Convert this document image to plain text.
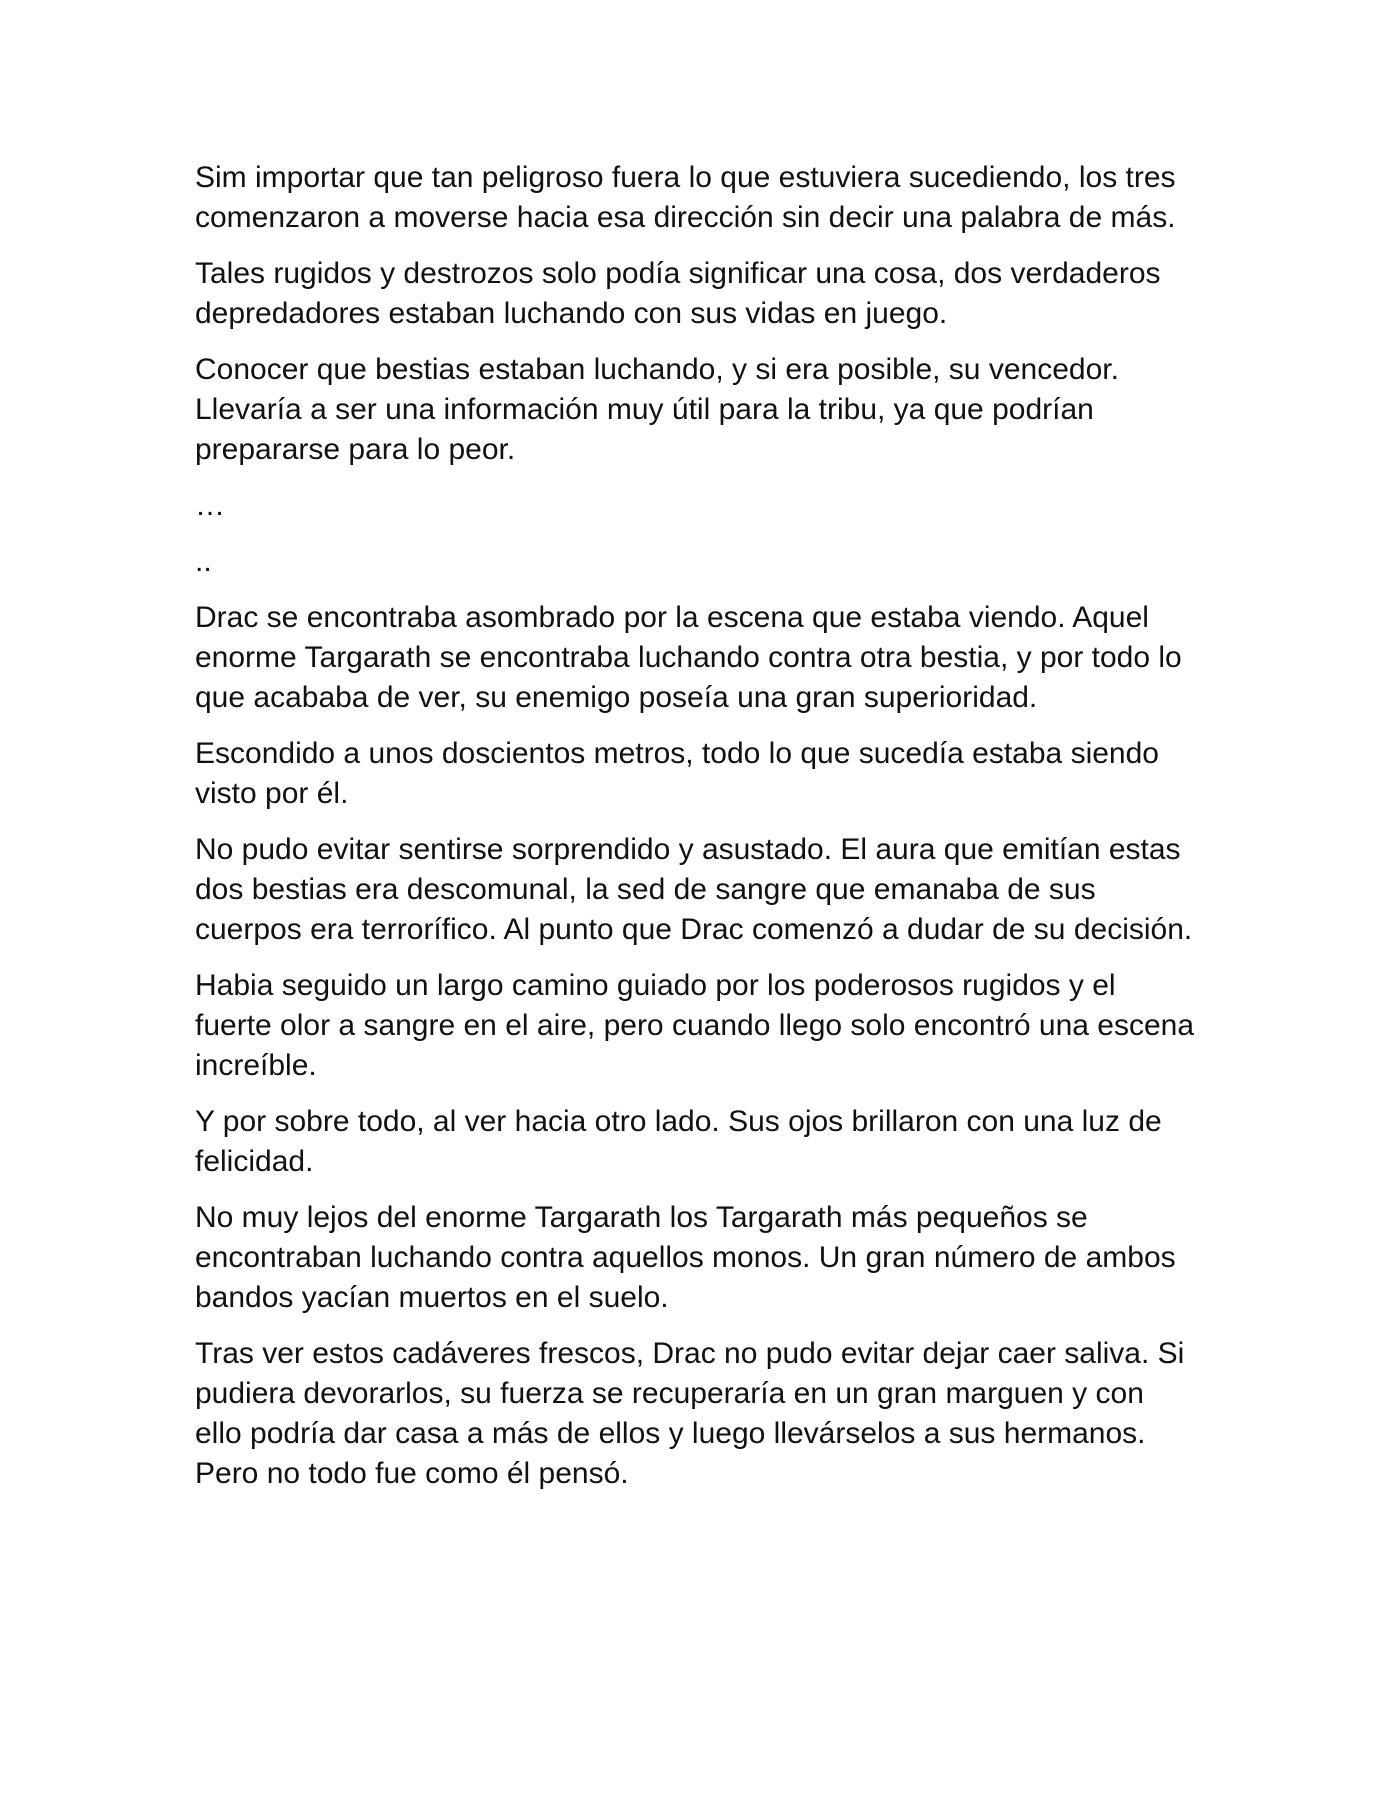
Sim importar que tan peligroso fuera lo que estuviera sucediendo, los tres comenzaron a moverse hacia esa dirección sin decir una palabra de más.

Tales rugidos y destrozos solo podía significar una cosa, dos verdaderos depredadores estaban luchando con sus vidas en juego.

Conocer que bestias estaban luchando, y si era posible, su vencedor. Llevaría a ser una información muy útil para la tribu, ya que podrían prepararse para lo peor.

…

..

Drac se encontraba asombrado por la escena que estaba viendo. Aquel enorme Targarath se encontraba luchando contra otra bestia, y por todo lo que acababa de ver, su enemigo poseía una gran superioridad.

Escondido a unos doscientos metros, todo lo que sucedía estaba siendo visto por él.

No pudo evitar sentirse sorprendido y asustado. El aura que emitían estas dos bestias era descomunal, la sed de sangre que emanaba de sus cuerpos era terrorífico. Al punto que Drac comenzó a dudar de su decisión.

Habia seguido un largo camino guiado por los poderosos rugidos y el fuerte olor a sangre en el aire, pero cuando llego solo encontró una escena increíble.

Y por sobre todo, al ver hacia otro lado. Sus ojos brillaron con una luz de felicidad.

No muy lejos del enorme Targarath los Targarath más pequeños se encontraban luchando contra aquellos monos. Un gran número de ambos bandos yacían muertos en el suelo.

Tras ver estos cadáveres frescos, Drac no pudo evitar dejar caer saliva. Si pudiera devorarlos, su fuerza se recuperaría en un gran marguen y con ello podría dar casa a más de ellos y luego llevárselos a sus hermanos. Pero no todo fue como él pensó.
